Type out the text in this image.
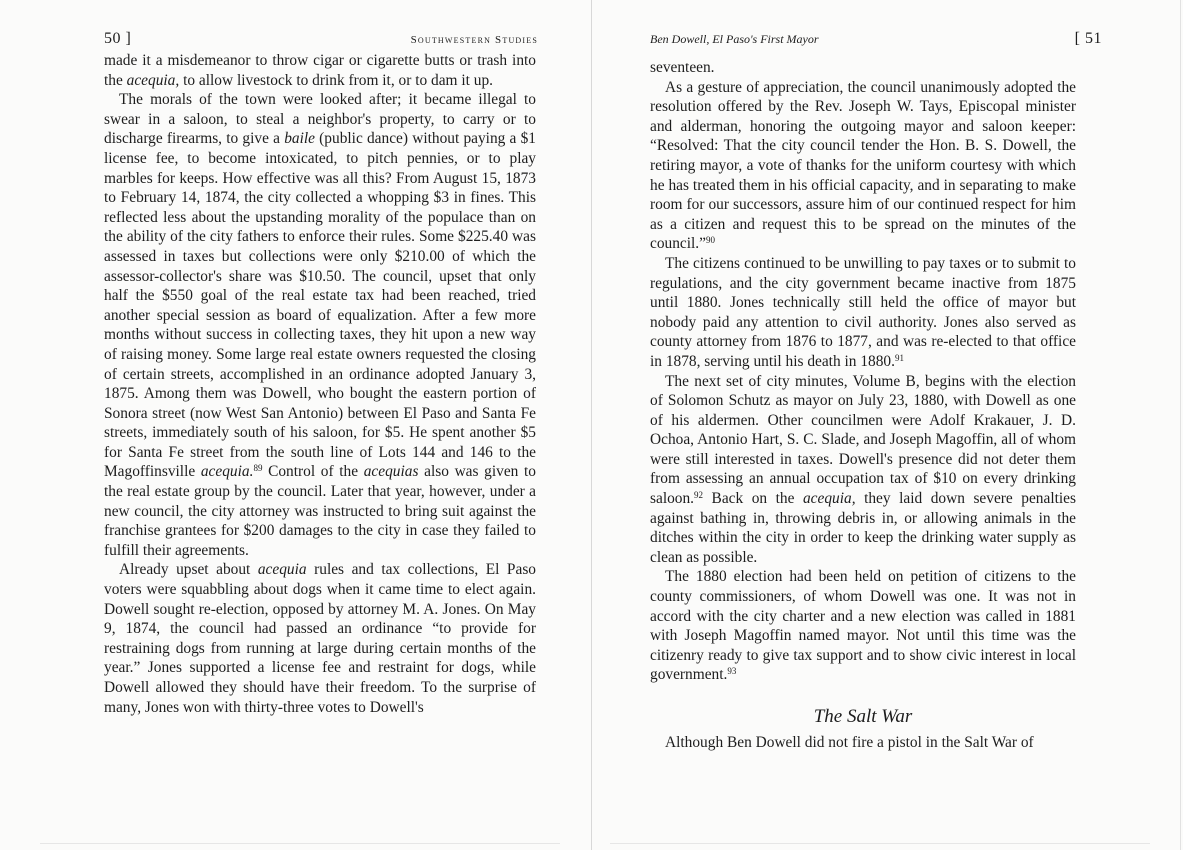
50 ]	Southwestern Studies

made it a misdemeanor to throw cigar or cigarette butts or trash into the acequia, to allow livestock to drink from it, or to dam it up.

The morals of the town were looked after; it became illegal to swear in a saloon, to steal a neighbor's property, to carry or to discharge firearms, to give a baile (public dance) without paying a $1 license fee, to become intoxicated, to pitch pennies, or to play marbles for keeps. How effective was all this? From August 15, 1873 to February 14, 1874, the city collected a whopping $3 in fines. This reflected less about the upstanding morality of the populace than on the ability of the city fathers to enforce their rules. Some $225.40 was assessed in taxes but collections were only $210.00 of which the assessor-collector's share was $10.50. The council, upset that only half the $550 goal of the real estate tax had been reached, tried another special session as board of equalization. After a few more months without success in collecting taxes, they hit upon a new way of raising money. Some large real estate owners requested the closing of certain streets, accomplished in an ordinance adopted January 3, 1875. Among them was Dowell, who bought the eastern portion of Sonora street (now West San Antonio) between El Paso and Santa Fe streets, immediately south of his saloon, for $5. He spent another $5 for Santa Fe street from the south line of Lots 144 and 146 to the Magoffinsville acequia.$^{89}$ Control of the acequias also was given to the real estate group by the council. Later that year, however, under a new council, the city attorney was instructed to bring suit against the franchise grantees for $200 damages to the city in case they failed to fulfill their agreements.

Already upset about acequia rules and tax collections, El Paso voters were squabbling about dogs when it came time to elect again. Dowell sought re-election, opposed by attorney M. A. Jones. On May 9, 1874, the council had passed an ordinance “to provide for restraining dogs from running at large during certain months of the year.” Jones supported a license fee and restraint for dogs, while Dowell allowed they should have their freedom. To the surprise of many, Jones won with thirty-three votes to Dowell's

Ben Dowell, El Paso's First Mayor	[ 51

seventeen.

As a gesture of appreciation, the council unanimously adopted the resolution offered by the Rev. Joseph W. Tays, Episcopal minister and alderman, honoring the outgoing mayor and saloon keeper: “Resolved: That the city council tender the Hon. B. S. Dowell, the retiring mayor, a vote of thanks for the uniform courtesy with which he has treated them in his official capacity, and in separating to make room for our successors, assure him of our continued respect for him as a citizen and request this to be spread on the minutes of the council.”$^{90}$

The citizens continued to be unwilling to pay taxes or to submit to regulations, and the city government became inactive from 1875 until 1880. Jones technically still held the office of mayor but nobody paid any attention to civil authority. Jones also served as county attorney from 1876 to 1877, and was re-elected to that office in 1878, serving until his death in 1880.91

The next set of city minutes, Volume B, begins with the election of Solomon Schutz as mayor on July 23, 1880, with Dowell as one of his aldermen. Other councilmen were Adolf Krakauer, J. D. Ochoa, Antonio Hart, S. C. Slade, and Joseph Magoffin, all of whom were still interested in taxes. Dowell's presence did not deter them from assessing an annual occupation tax of $10 on every drinking saloon.$^{92}$ Back on the acequia, they laid down severe penalties against bathing in, throwing debris in, or allowing animals in the ditches within the city in order to keep the drinking water supply as clean as possible.

The 1880 election had been held on petition of citizens to the county commissioners, of whom Dowell was one. It was not in accord with the city charter and a new election was called in 1881 with Joseph Magoffin named mayor. Not until this time was the citizenry ready to give tax support and to show civic interest in local government.$^{93}$

The Salt War

Although Ben Dowell did not fire a pistol in the Salt War of
